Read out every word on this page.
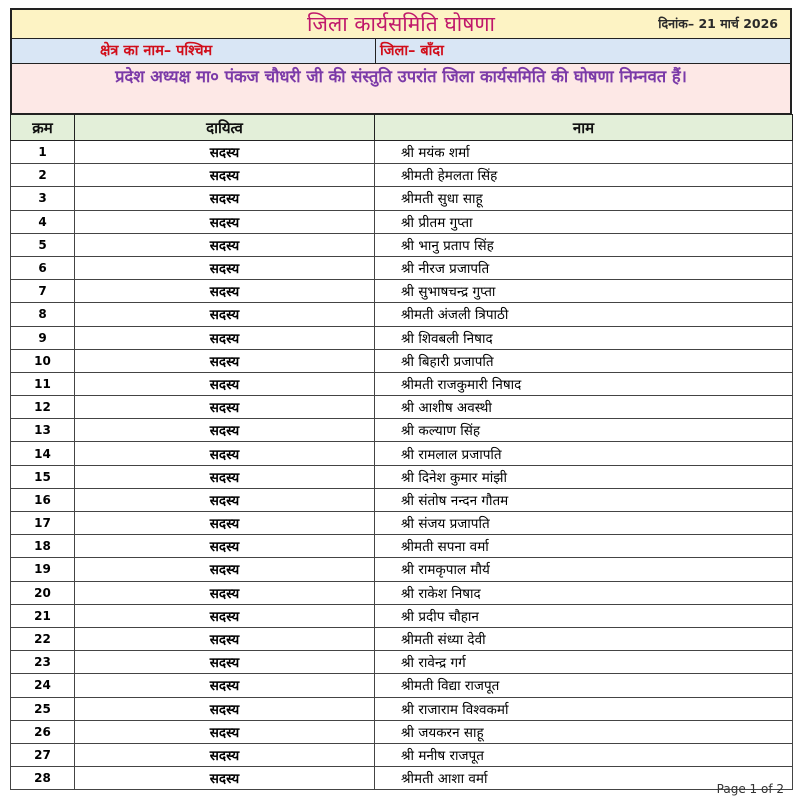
जिला कार्यसमिति घोषणा	दिनांक– 21 मार्च 2026
क्षेत्र का नाम– पश्चिम	जिला– बाँदा
प्रदेश अध्यक्ष मा० पंकज चौधरी जी की संस्तुति उपरांत जिला कार्यसमिति की घोषणा निम्नवत हैं।
क्रम	दायित्व	नाम
1	सदस्य	श्री मयंक शर्मा
2	सदस्य	श्रीमती हेमलता सिंह
3	सदस्य	श्रीमती सुधा साहू
4	सदस्य	श्री प्रीतम गुप्ता
5	सदस्य	श्री भानु प्रताप सिंह
6	सदस्य	श्री नीरज प्रजापति
7	सदस्य	श्री सुभाषचन्द्र गुप्ता
8	सदस्य	श्रीमती अंजली त्रिपाठी
9	सदस्य	श्री शिवबली निषाद
10	सदस्य	श्री बिहारी प्रजापति
11	सदस्य	श्रीमती राजकुमारी निषाद
12	सदस्य	श्री आशीष अवस्थी
13	सदस्य	श्री कल्याण सिंह
14	सदस्य	श्री रामलाल प्रजापति
15	सदस्य	श्री दिनेश कुमार मांझी
16	सदस्य	श्री संतोष नन्दन गौतम
17	सदस्य	श्री संजय प्रजापति
18	सदस्य	श्रीमती सपना वर्मा
19	सदस्य	श्री रामकृपाल मौर्य
20	सदस्य	श्री राकेश निषाद
21	सदस्य	श्री प्रदीप चौहान
22	सदस्य	श्रीमती संध्या देवी
23	सदस्य	श्री रावेन्द्र गर्ग
24	सदस्य	श्रीमती विद्या राजपूत
25	सदस्य	श्री राजाराम विश्वकर्मा
26	सदस्य	श्री जयकरन साहू
27	सदस्य	श्री मनीष राजपूत
28	सदस्य	श्रीमती आशा वर्मा
Page 1 of 2
